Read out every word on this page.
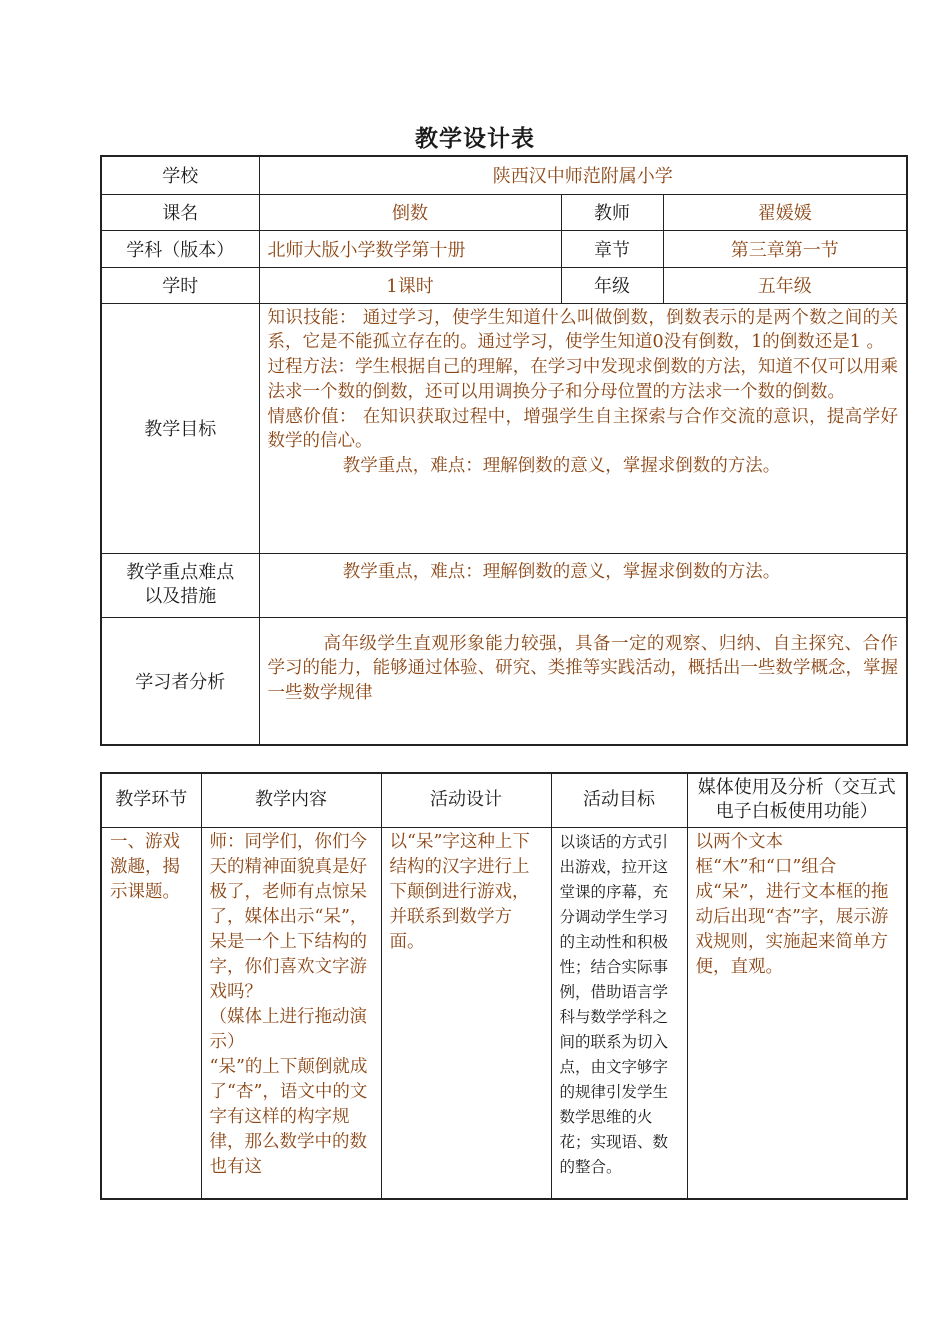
教学设计表
学校	陕西汉中师范附属小学		
课名	倒数	教师	翟媛媛
学科（版本）	北师大版小学数学第十册	章节	第三章第一节
学时	1课时	年级	五年级
教学目标	知识技能： 通过学习，使学生知道什么叫做倒数，倒数表示的是两个数之间的关系，它是不能孤立存在的。通过学习，使学生知道0没有倒数，1的倒数还是1 。
过程方法：学生根据自己的理解，在学习中发现求倒数的方法，知道不仅可以用乘法求一个数的倒数，还可以用调换分子和分母位置的方法求一个数的倒数。
情感价值： 在知识获取过程中，增强学生自主探索与合作交流的意识，提高学好数学的信心。
教学重点，难点：理解倒数的意义，掌握求倒数的方法。		

教学重点难点
以及措施	教学重点，难点：理解倒数的意义，掌握求倒数的方法。		

学习者分析	高年级学生直观形象能力较强，具备一定的观察、归纳、自主探究、合作学习的能力，能够通过体验、研究、类推等实践活动，概括出一些数学概念，掌握一些数学规律		
教学环节	教学内容	活动设计	活动目标	媒体使用及分析（交互式电子白板使用功能）
一、游戏激趣，揭示课题。	师：同学们，你们今天的精神面貌真是好极了，老师有点惊呆了，媒体出示“呆”，呆是一个上下结构的字，你们喜欢文字游戏吗？

（媒体上进行拖动演示）

“呆”的上下颠倒就成了“杏”，语文中的文字有这样的构字规律，那么数学中的数也有这	以“呆”字这种上下结构的汉字进行上下颠倒进行游戏，并联系到数学方面。	以谈话的方式引出游戏，拉开这堂课的序幕，充分调动学生学习的主动性和积极性；结合实际事例，借助语言学科与数学学科之间的联系为切入点，由文字够字的规律引发学生数学思维的火花；实现语、数的整合。	以两个文本框“木”和“口”组合成“呆”，进行文本框的拖动后出现“杏”字，展示游戏规则，实施起来简单方便，直观。
